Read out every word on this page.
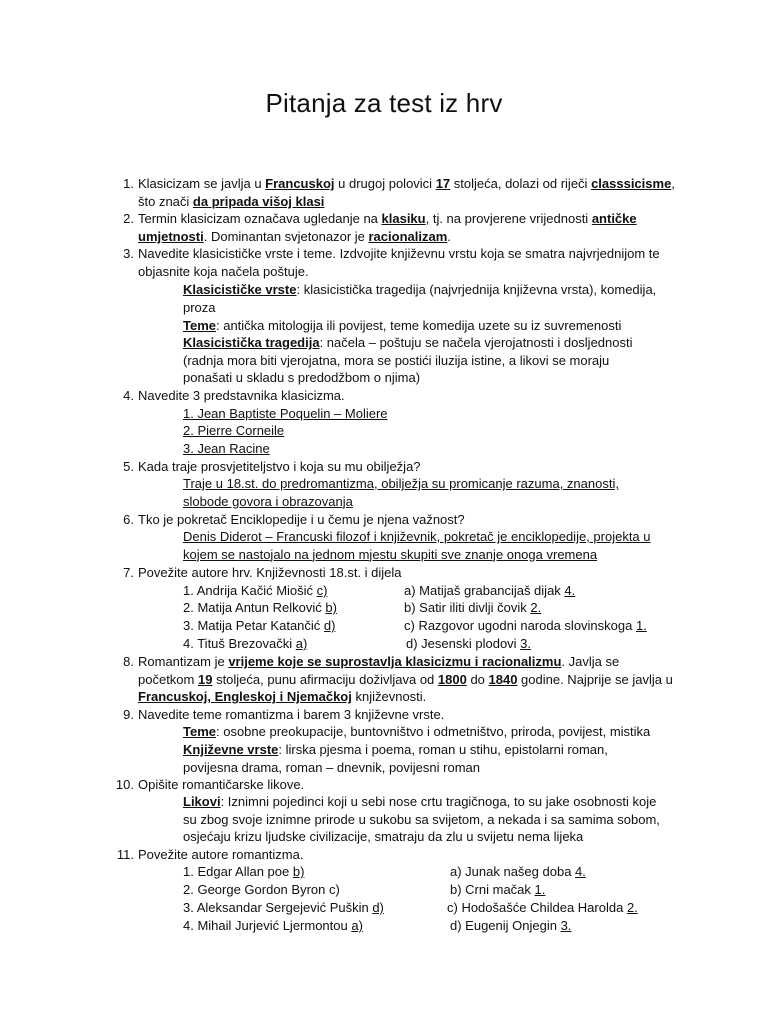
Pitanja za test iz hrv
1. Klasicizam se javlja u Francuskoj u drugoj polovici 17 stoljeća, dolazi od riječi classsicisme, što znači da pripada višoj klasi
2. Termin klasicizam označava ugledanje na klasiku, tj. na provjerene vrijednosti antičke umjetnosti. Dominantan svjetonazor je racionalizam.
3. Navedite klasicističke vrste i teme. Izdvojite književnu vrstu koja se smatra najvrjednijom te objasnite koja načela poštuje.
Klasicističke vrste: klasicistička tragedija (najvrjednija književna vrsta), komedija, proza
Teme: antička mitologija ili povijest, teme komedija uzete su iz suvremenosti
Klasicistička tragedija: načela – poštuju se načela vjerojatnosti i dosljednosti (radnja mora biti vjerojatna, mora se postići iluzija istine, a likovi se moraju ponašati u skladu s predodžbom o njima)
4. Navedite 3 predstavnika klasicizma.
1. Jean Baptiste Poquelin – Moliere
2. Pierre Corneile
3. Jean Racine
5. Kada traje prosvjetiteljstvo i koja su mu obilježja?
Traje u 18.st. do predromantizma, obilježja su promicanje razuma, znanosti, slobode govora i obrazovanja
6. Tko je pokretač Enciklopedije i u čemu je njena važnost?
Denis Diderot – Francuski filozof i književnik, pokretač je enciklopedije, projekta u kojem se nastojalo na jednom mjestu skupiti sve znanje onoga vremena
7. Povežite autore hrv. Književnosti 18.st. i dijela
1. Andrija Kačić Miošić c)
2. Matija Antun Relković b)
3. Matija Petar Katančić d)
4. Tituš Brezovački a)
a) Matijaš grabancijaš dijak 4.
b) Satir iliti divlji čovik 2.
c) Razgovor ugodni naroda slovinskoga 1.
d) Jesenski plodovi 3.
8. Romantizam je vrijeme koje se suprostavlja klasicizmu i racionalizmu. Javlja se početkom 19 stoljeća, punu afirmaciju doživljava od 1800 do 1840 godine. Najprije se javlja u Francuskoj, Engleskoj i Njemačkoj književnosti.
9. Navedite teme romantizma i barem 3 književne vrste.
Teme: osobne preokupacije, buntovništvo i odmetništvo, priroda, povijest, mistika
Književne vrste: lirska pjesma i poema, roman u stihu, epistolarni roman, povijesna drama, roman – dnevnik, povijesni roman
10. Opišite romantičarske likove.
Likovi: Iznimni pojedinci koji u sebi nose crtu tragičnoga, to su jake osobnosti koje su zbog svoje iznimne prirode u sukobu sa svijetom, a nekada i sa samima sobom, osjećaju krizu ljudske civilizacije, smatraju da zlu u svijetu nema lijeka
11. Povežite autore romantizma.
1. Edgar Allan poe b)
2. George Gordon Byron c)
3. Aleksandar Sergejević Puškin d)
4. Mihail Jurjević Ljermontou a)
a) Junak našeg doba 4.
b) Crni mačak 1.
c) Hodošašće Childea Harolda 2.
d) Eugenij Onjegin 3.
